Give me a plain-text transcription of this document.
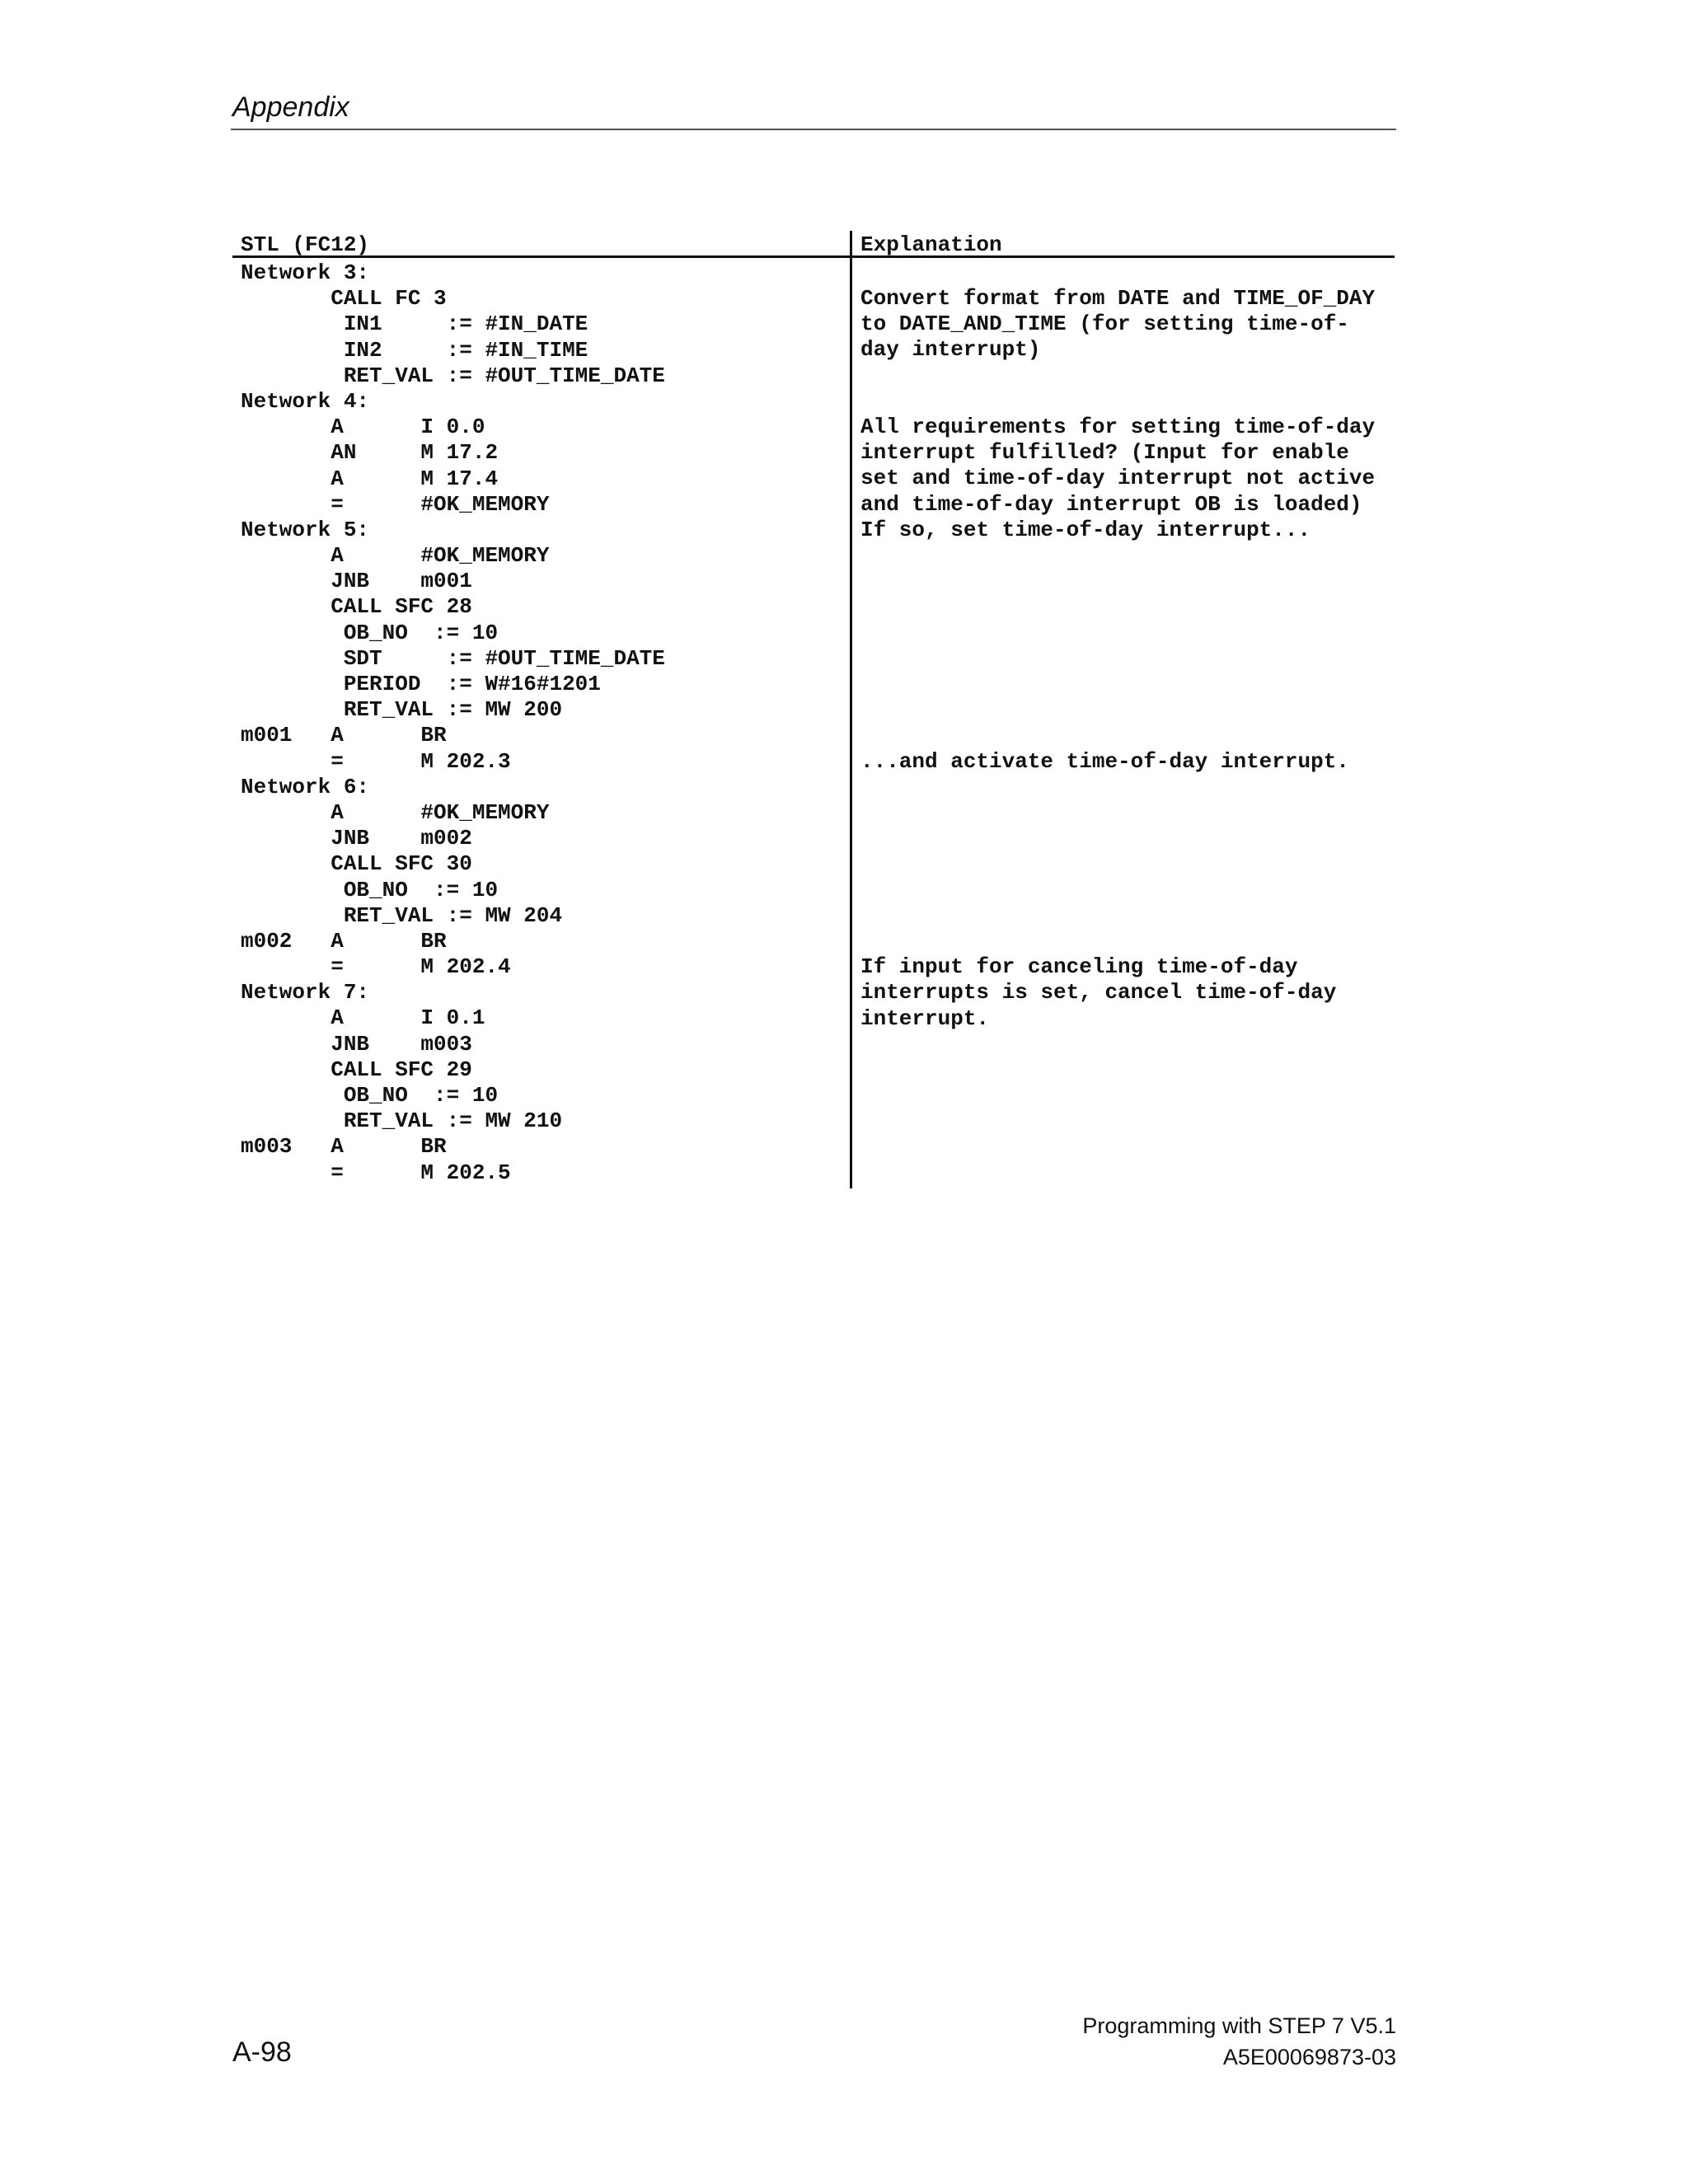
Appendix
STL (FC12)	Explanation
Network 3:
CALL FC 3
IN1     := #IN_DATE
IN2     := #IN_TIME
RET_VAL := #OUT_TIME_DATE
Network 4:
A      I 0.0
AN     M 17.2
A      M 17.4
=      #OK_MEMORY
Network 5:
A      #OK_MEMORY
JNB    m001
CALL SFC 28
OB_NO  := 10
SDT     := #OUT_TIME_DATE
PERIOD  := W#16#1201
RET_VAL := MW 200
m001   A      BR
=      M 202.3
Network 6:
A      #OK_MEMORY
JNB    m002
CALL SFC 30
OB_NO  := 10
RET_VAL := MW 204
m002   A      BR
=      M 202.4
Network 7:
A      I 0.1
JNB    m003
CALL SFC 29
OB_NO  := 10
RET_VAL := MW 210
m003   A      BR
=      M 202.5
Convert format from DATE and TIME_OF_DAY
to DATE_AND_TIME (for setting time-of-
day interrupt)
All requirements for setting time-of-day
interrupt fulfilled? (Input for enable
set and time-of-day interrupt not active
and time-of-day interrupt OB is loaded)
If so, set time-of-day interrupt...
...and activate time-of-day interrupt.
If input for canceling time-of-day
interrupts is set, cancel time-of-day
interrupt.
A-98
Programming with STEP 7 V5.1
A5E00069873-03
